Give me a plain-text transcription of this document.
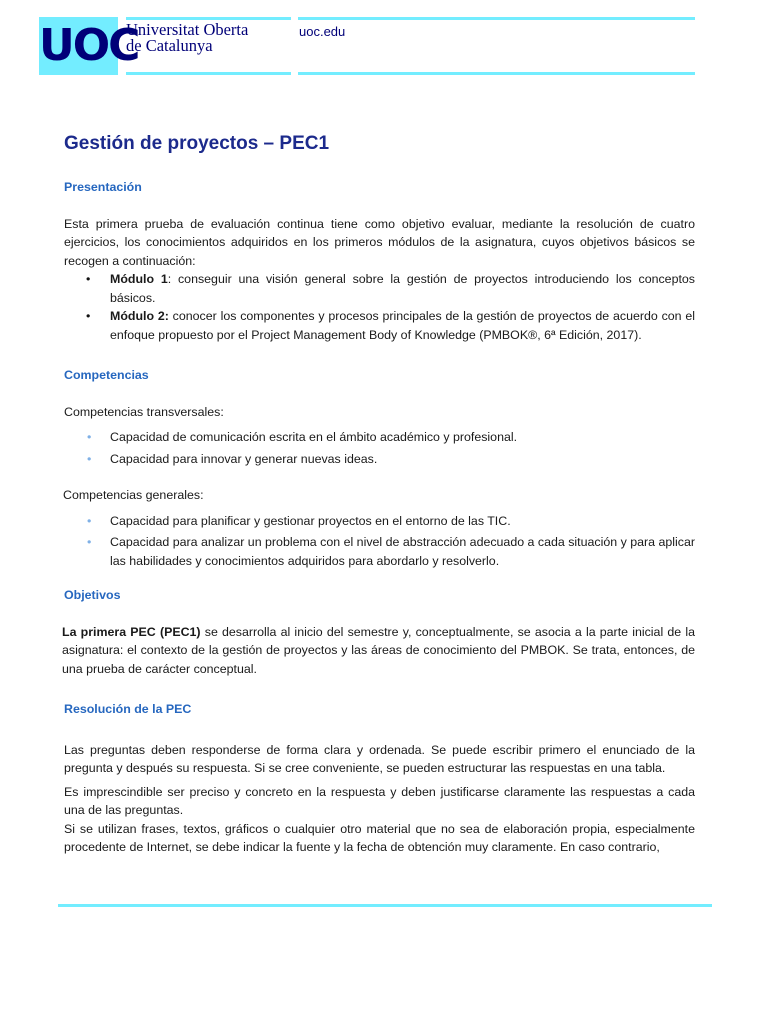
UOC
Universitat Oberta
de Catalunya
uoc.edu
Gestión de proyectos – PEC1
Presentación

Esta primera prueba de evaluación continua tiene como objetivo evaluar, mediante la resolución de cuatro ejercicios, los conocimientos adquiridos en los primeros módulos de la asignatura, cuyos objetivos básicos se recogen a continuación:

• Módulo 1: conseguir una visión general sobre la gestión de proyectos introduciendo los conceptos básicos.
• Módulo 2: conocer los componentes y procesos principales de la gestión de proyectos de acuerdo con el enfoque propuesto por el Project Management Body of Knowledge (PMBOK®, 6ª Edición, 2017).
Competencias

Competencias transversales:

• Capacidad de comunicación escrita en el ámbito académico y profesional.
• Capacidad para innovar y generar nuevas ideas.

Competencias generales:

• Capacidad para planificar y gestionar proyectos en el entorno de las TIC.
• Capacidad para analizar un problema con el nivel de abstracción adecuado a cada situación y para aplicar las habilidades y conocimientos adquiridos para abordarlo y resolverlo.
Objetivos

La primera PEC (PEC1) se desarrolla al inicio del semestre y, conceptualmente, se asocia a la parte inicial de la asignatura: el contexto de la gestión de proyectos y las áreas de conocimiento del PMBOK. Se trata, entonces, de una prueba de carácter conceptual.

Resolución de la PEC

Las preguntas deben responderse de forma clara y ordenada. Se puede escribir primero el enunciado de la pregunta y después su respuesta. Si se cree conveniente, se pueden estructurar las respuestas en una tabla.

Es imprescindible ser preciso y concreto en la respuesta y deben justificarse claramente las respuestas a cada una de las preguntas.

Si se utilizan frases, textos, gráficos o cualquier otro material que no sea de elaboración propia, especialmente procedente de Internet, se debe indicar la fuente y la fecha de obtención muy claramente. En caso contrario,
